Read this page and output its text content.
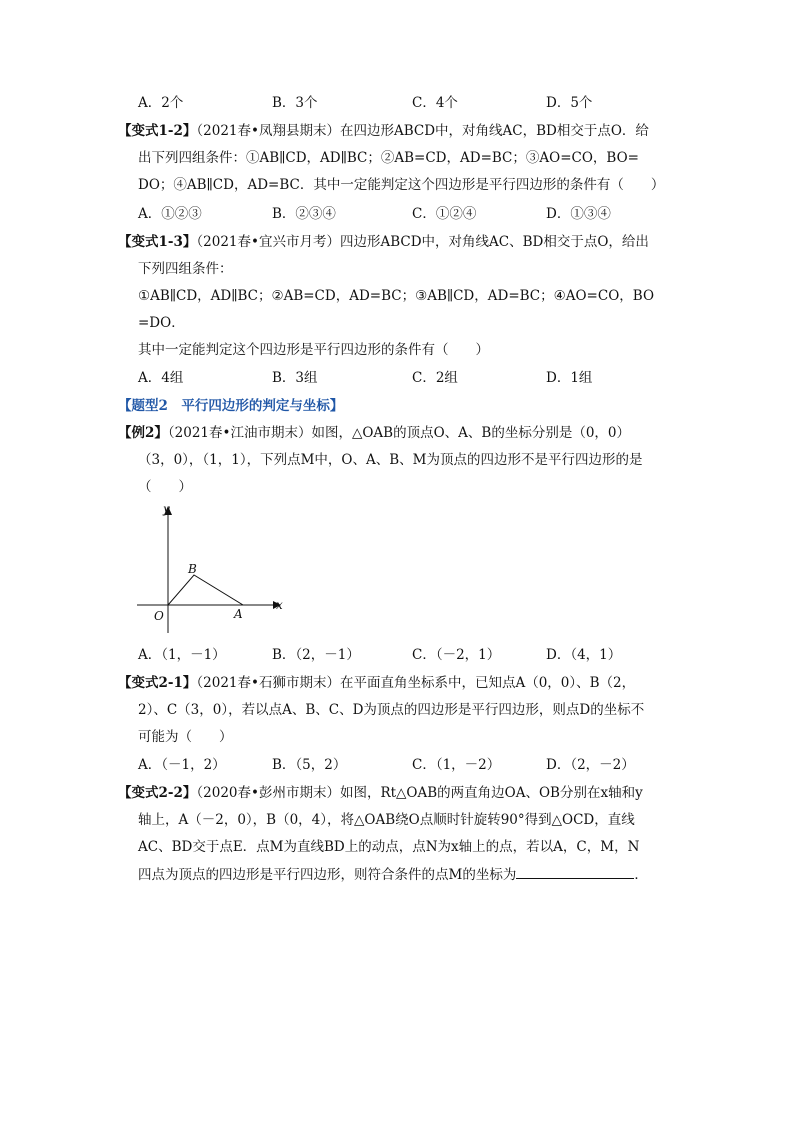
A．2个	B．3个	C．4个	D．5个
【变式1-2】（2021春•凤翔县期末）在四边形ABCD中，对角线AC，BD相交于点O．给
出下列四组条件：①AB∥CD，AD∥BC；②AB=CD，AD=BC；③AO=CO，BO=
DO；④AB∥CD，AD=BC．其中一定能判定这个四边形是平行四边形的条件有（　　）
A．①②③	B．②③④	C．①②④	D．①③④
【变式1-3】（2021春•宜兴市月考）四边形ABCD中，对角线AC、BD相交于点O，给出
下列四组条件：
①AB∥CD，AD∥BC；②AB=CD，AD=BC；③AB∥CD，AD=BC；④AO=CO，BO
=DO．
其中一定能判定这个四边形是平行四边形的条件有（　　）
A．4组	B．3组	C．2组	D．1组
【题型2　平行四边形的判定与坐标】
【例2】（2021春•江油市期末）如图，△OAB的顶点O、A、B的坐标分别是（0，0）
（3，0），（1，1），下列点M中，O、A、B、M为顶点的四边形不是平行四边形的是
（　　）
x
y
O	A
B
A．（1，－1）	B．（2，－1）	C．（－2，1）	D．（4，1）
【变式2-1】（2021春•石狮市期末）在平面直角坐标系中，已知点A（0，0）、B（2，
2）、C（3，0），若以点A、B、C、D为顶点的四边形是平行四边形，则点D的坐标不
可能为（　　）
A．（－1，2）	B．（5，2）	C．（1，－2）	D．（2，－2）
【变式2-2】（2020春•彭州市期末）如图，Rt△OAB的两直角边OA、OB分别在x轴和y
轴上，A（－2，0），B（0，4），将△OAB绕O点顺时针旋转90°得到△OCD，直线
AC、BD交于点E．点M为直线BD上的动点，点N为x轴上的点，若以A，C，M，N
四点为顶点的四边形是平行四边形，则符合条件的点M的坐标为	．
